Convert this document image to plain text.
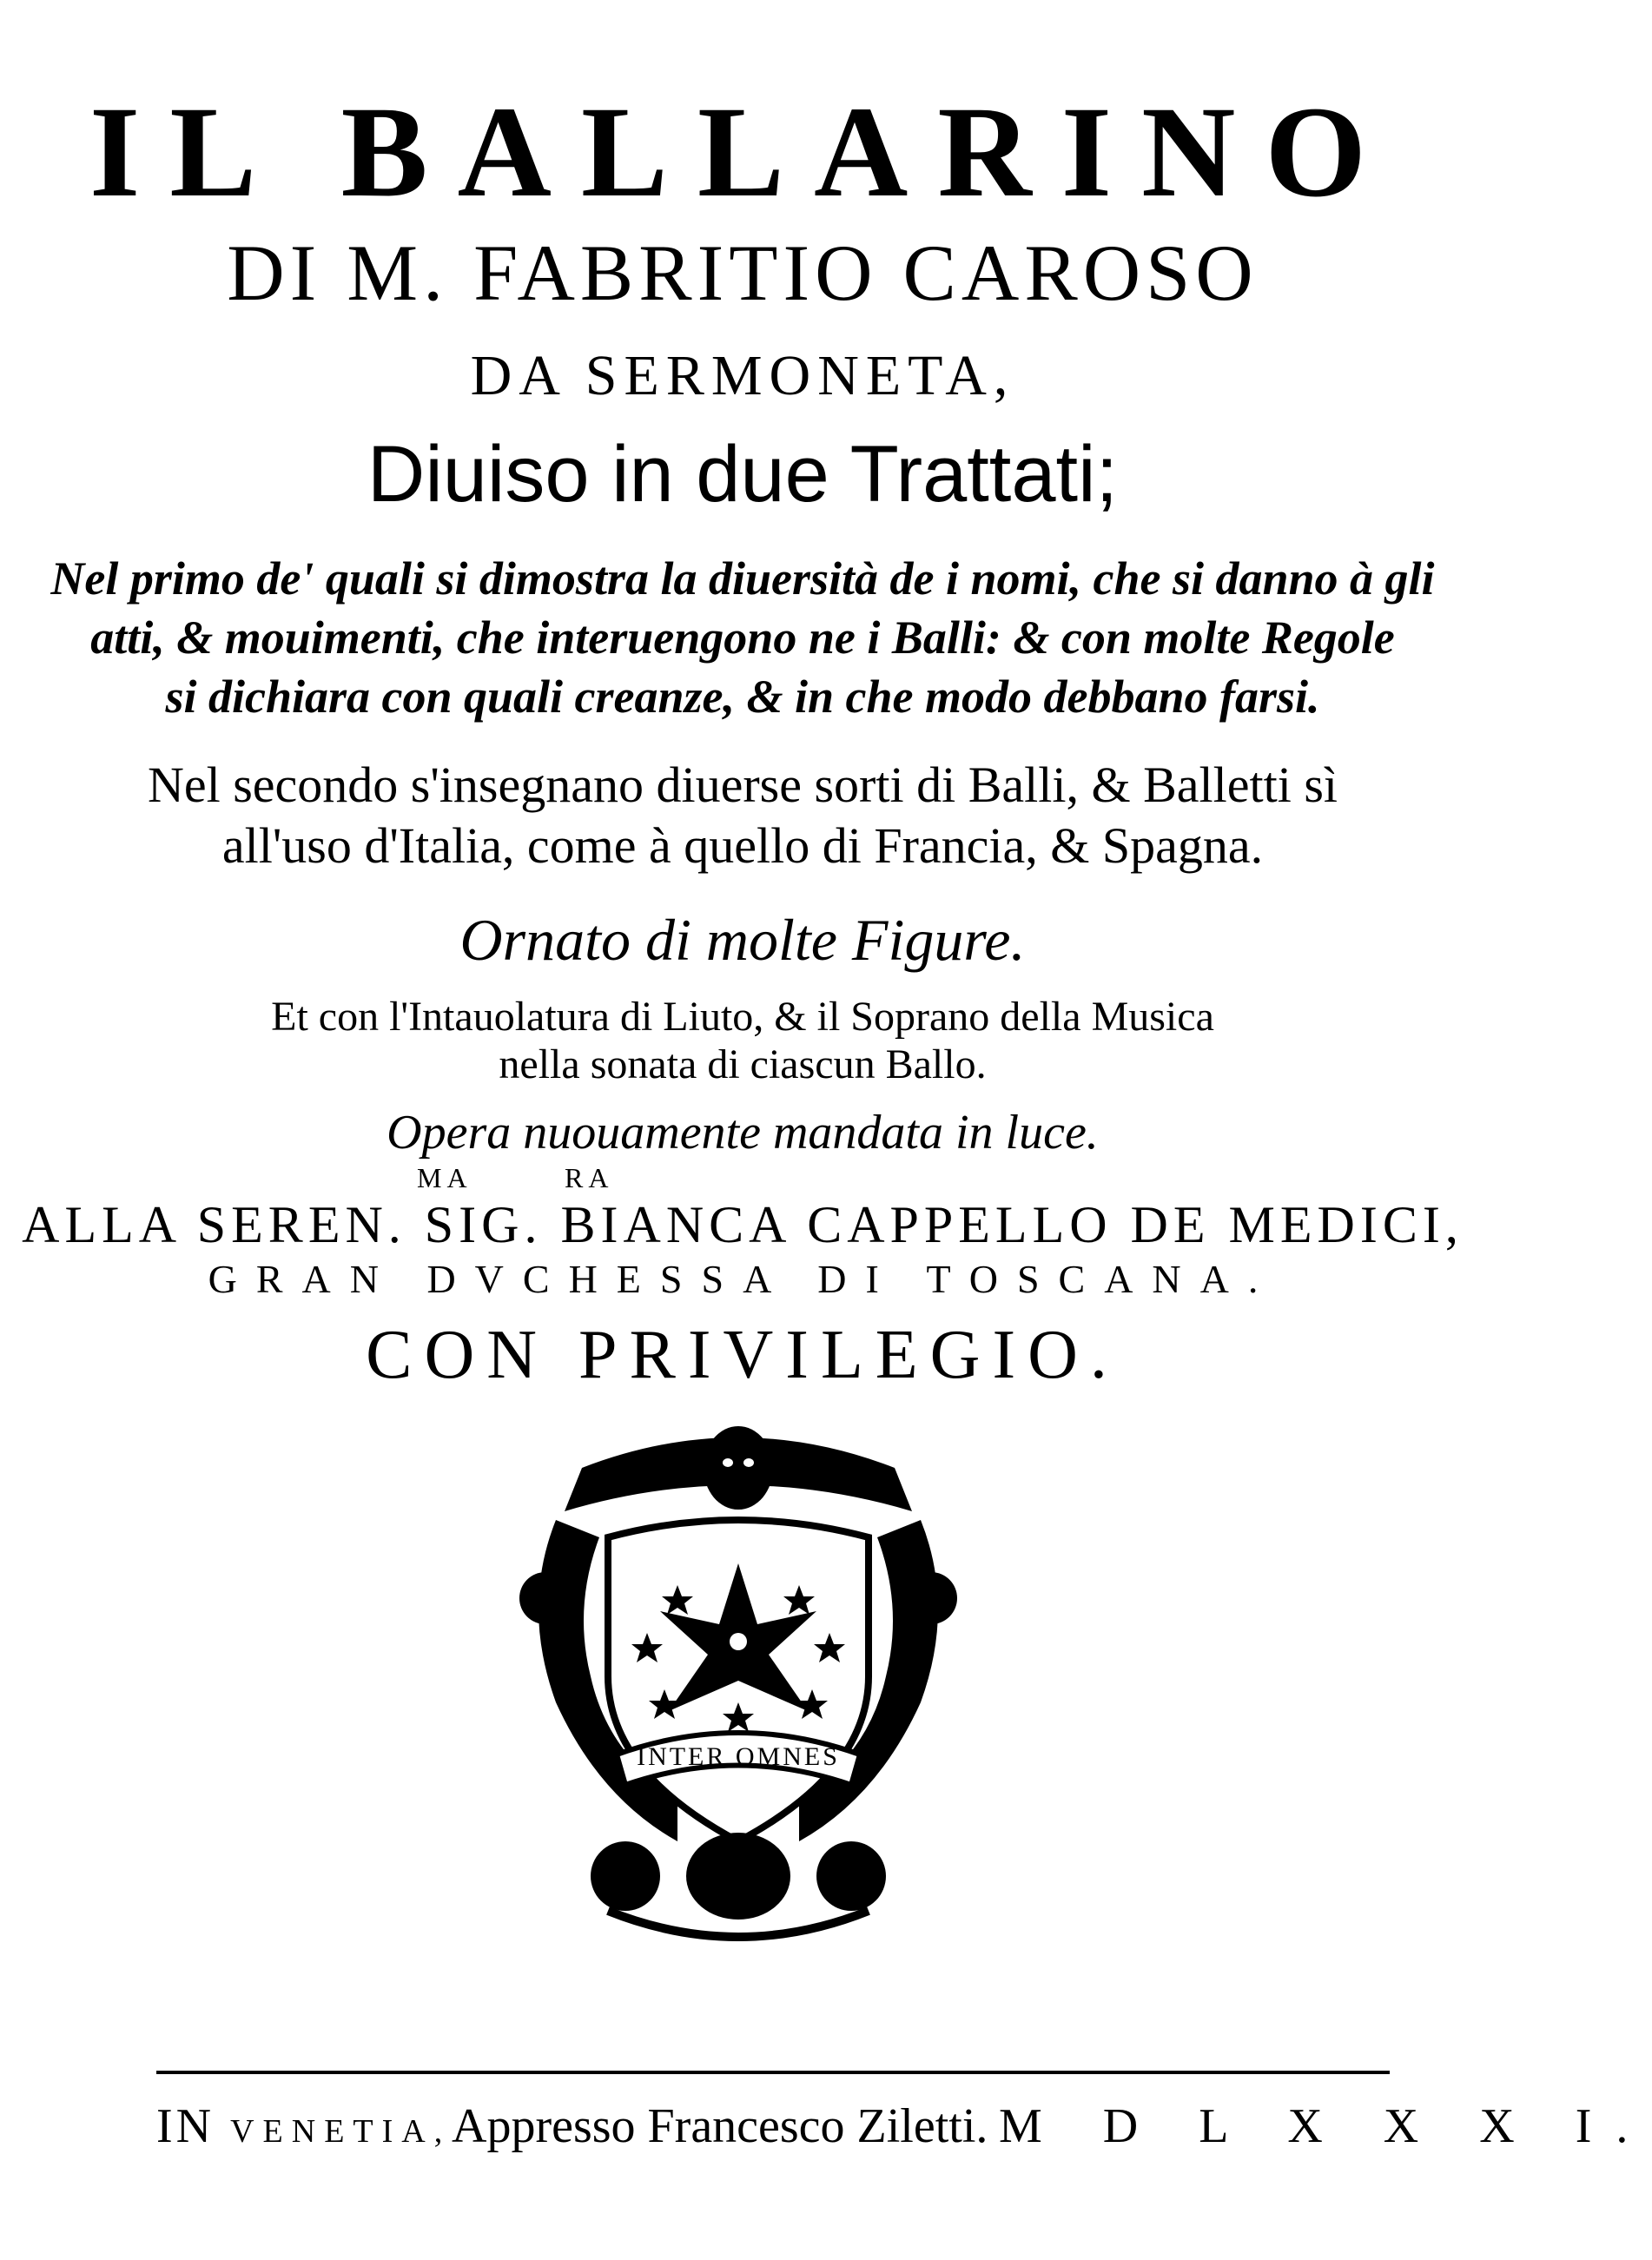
IL BALLARINO
DI M. FABRITIO CAROSO
DA SERMONETA,
Diuiso in due Trattati;
Nel primo de' quali si dimostra la diuersità de i nomi, che si danno à gli
atti, & mouimenti, che interuengono ne i Balli: & con molte Regole
si dichiara con quali creanze, & in che modo debbano farsi.
Nel secondo s'insegnano diuerse sorti di Balli, & Balletti sì
all'uso d'Italia, come à quello di Francia, & Spagna.
Ornato di molte Figure.
Et con l'Intauolatura di Liuto, & il Soprano della Musica
nella sonata di ciascun Ballo.
Opera nuouamente mandata in luce.
MA	RA
ALLA SEREN. SIG. BIANCA CAPPELLO DE MEDICI,
GRAN DVCHESSA DI TOSCANA.
CON PRIVILEGIO.
INTER OMNES
IN VENETIA, Appresso Francesco Ziletti. M D L X X X I.
